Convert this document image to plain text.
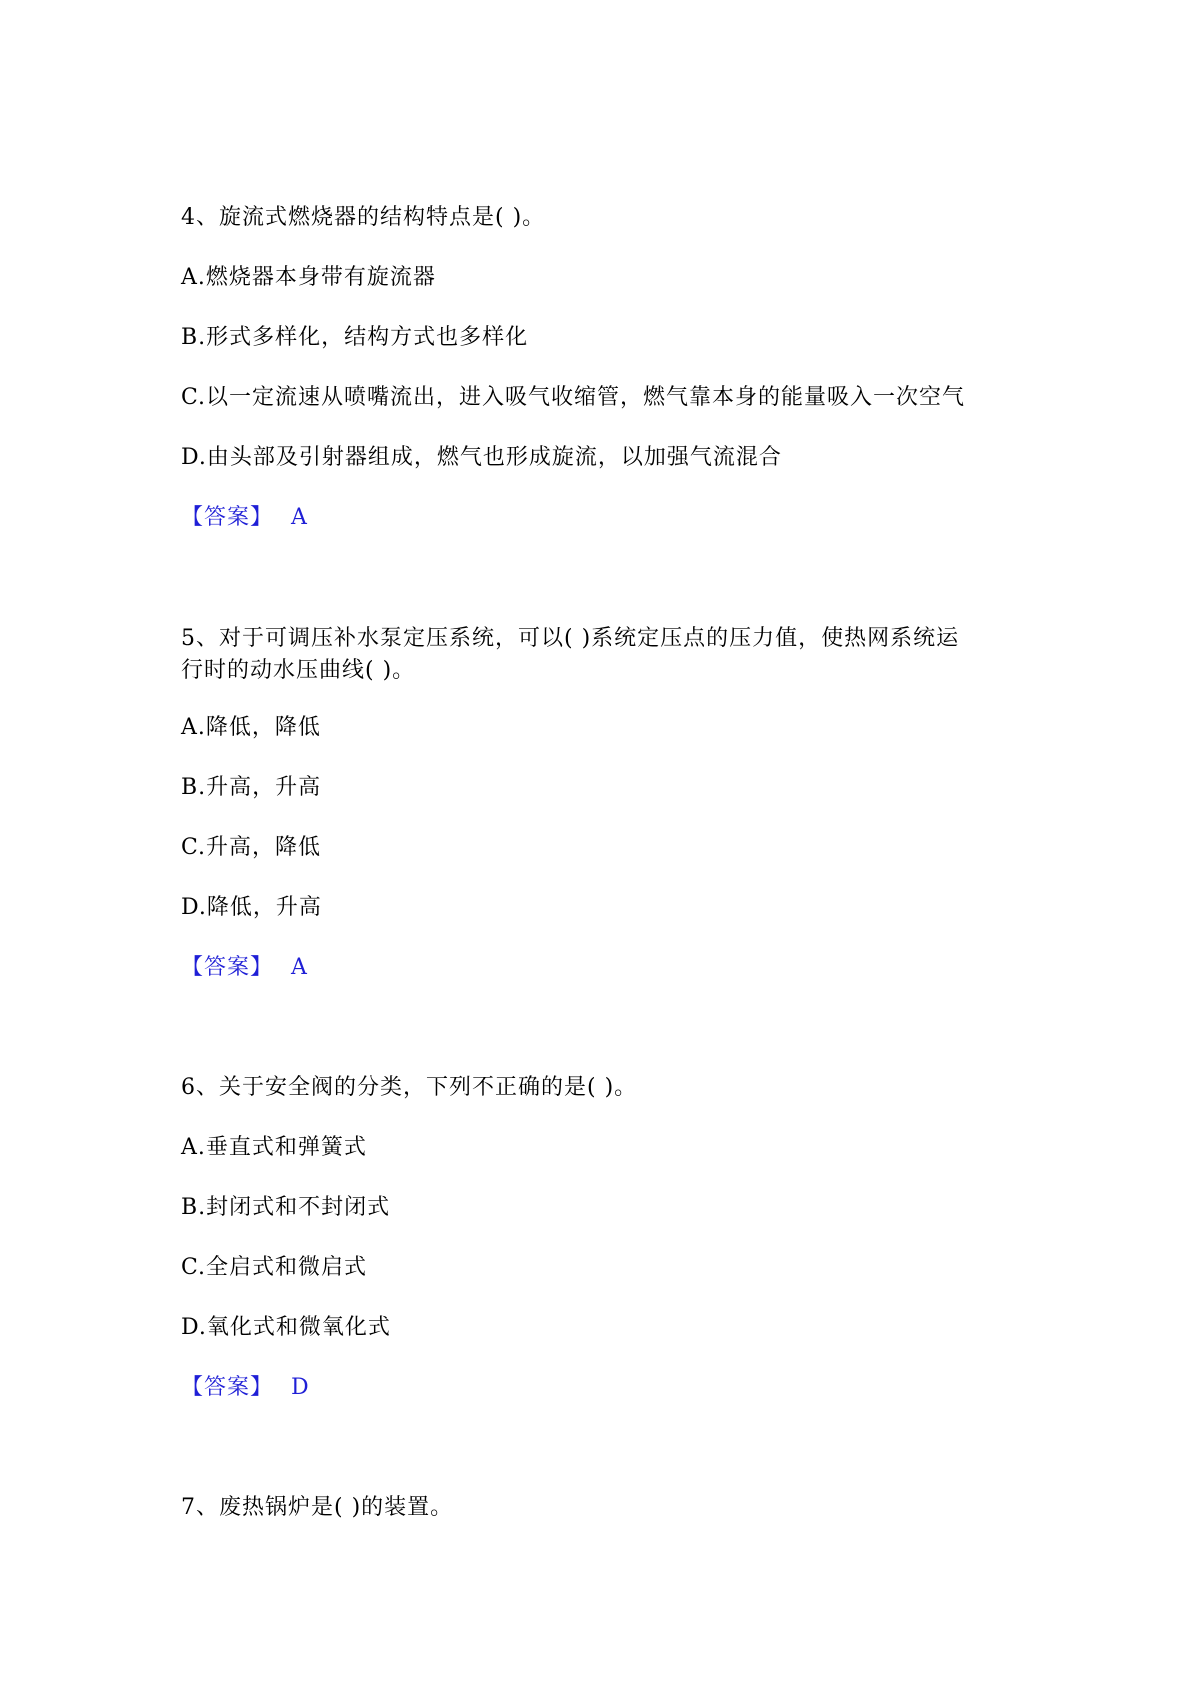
4、旋流式燃烧器的结构特点是( )。
A.燃烧器本身带有旋流器
B.形式多样化，结构方式也多样化
C.以一定流速从喷嘴流出，进入吸气收缩管，燃气靠本身的能量吸入一次空气
D.由头部及引射器组成，燃气也形成旋流，以加强气流混合
【答案】 A
5、对于可调压补水泵定压系统，可以( )系统定压点的压力值，使热网系统运
行时的动水压曲线( )。
A.降低，降低
B.升高，升高
C.升高，降低
D.降低，升高
【答案】 A
6、关于安全阀的分类，下列不正确的是( )。
A.垂直式和弹簧式
B.封闭式和不封闭式
C.全启式和微启式
D.氧化式和微氧化式
【答案】 D
7、废热锅炉是( )的装置。
